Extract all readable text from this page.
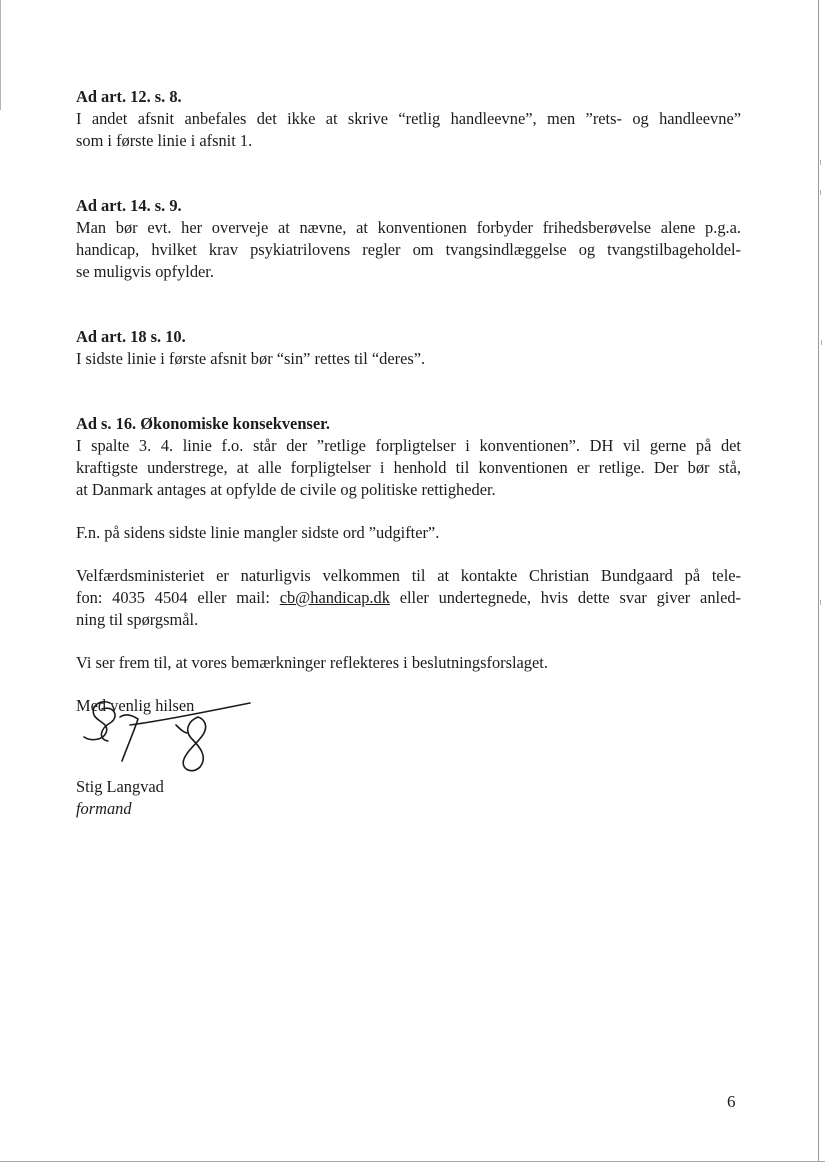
Ad art. 12. s. 8.

I andet afsnit anbefales det ikke at skrive “retlig handleevne”, men ”rets- og handleevne”
som i første linie i afsnit 1.

Ad art. 14. s. 9.

Man bør evt. her overveje at nævne, at konventionen forbyder frihedsberøvelse alene p.g.a.
handicap, hvilket krav psykiatrilovens regler om tvangsindlæggelse og tvangstilbageholdel-
se muligvis opfylder.

Ad art. 18 s. 10.

I sidste linie i første afsnit bør “sin” rettes til “deres”.

Ad s. 16. Økonomiske konsekvenser.

I spalte 3. 4. linie f.o. står der ”retlige forpligtelser i konventionen”. DH vil gerne på det
kraftigste understrege, at alle forpligtelser i henhold til konventionen er retlige. Der bør stå,
at Danmark antages at opfylde de civile og politiske rettigheder.

F.n. på sidens sidste linie mangler sidste ord ”udgifter”.

Velfærdsministeriet er naturligvis velkommen til at kontakte Christian Bundgaard på tele-
fon: 4035 4504 eller mail: cb@handicap.dk eller undertegnede, hvis dette svar giver anled-
ning til spørgsmål.

Vi ser frem til, at vores bemærkninger reflekteres i beslutningsforslaget.

Med venlig hilsen

Stig Langvad

formand

6
